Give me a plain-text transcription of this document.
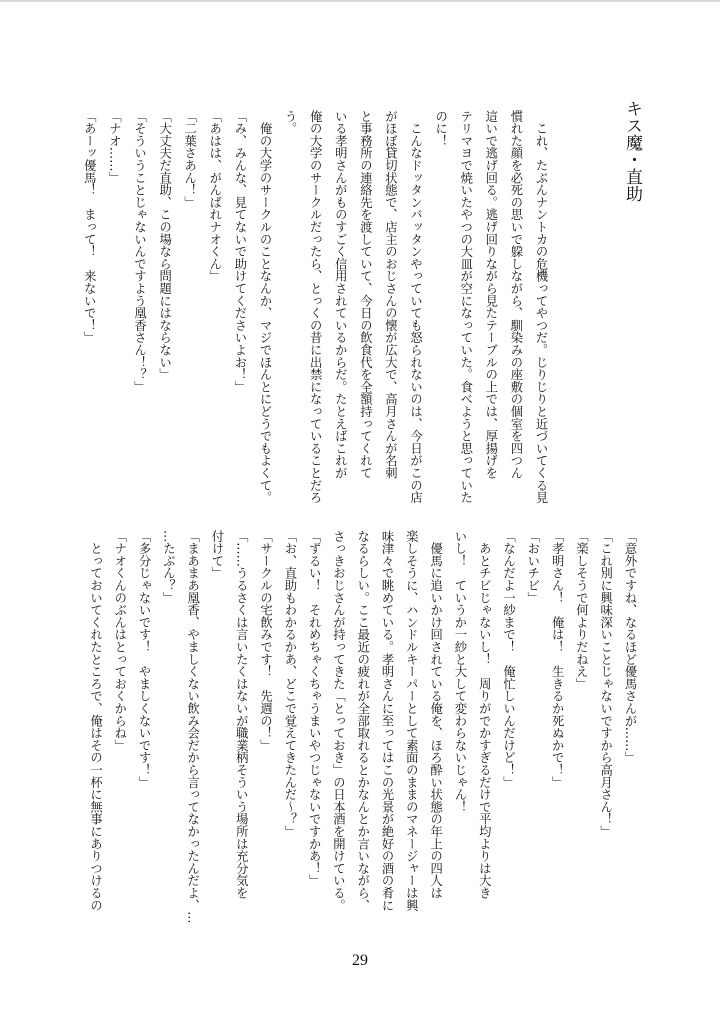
キス魔・直助
　これ、たぶんナントカの危機ってやつだ。じりじりと近づいてくる見
慣れた顔を必死の思いで躱しながら、馴染みの座敷の個室を四つん
這いで逃げ回る。逃げ回りながら見たテーブルの上では、厚揚げを
テリマヨで焼いたやつの大皿が空になっていた。食べようと思っていた
のに！
　こんなドッタンバッタンやっていても怒られないのは、今日がこの店
がほぼ貸切状態で、店主のおじさんの懐が広大で、高月さんが名刺
と事務所の連絡先を渡していて、今日の飲食代を全額持ってくれて
いる孝明さんがものすごく信用されているからだ。たとえばこれが
俺の大学のサークルだったら、とっくの昔に出禁になっていることだろ
う。
　俺の大学のサークルのことなんか、マジでほんとにどうでもよくて。
「み、みんな、見てないで助けてくださいよお！」
「あはは、がんばれナオくん」
「二葉さあん！」
「大丈夫だ直助、この場なら問題にはならない」
「そういうことじゃないんですよう凰香さん！？」
「ナオ……」
「あーッ優馬！　まって！　来ないで！」
「意外ですね、なるほど優馬さんが……」
「これ別に興味深いことじゃないですから高月さん！」
「楽しそうで何よりだねえ」
「孝明さん！　俺は！　生きるか死ぬかで！」
「おいチビ」
「なんだよ一紗まで！　俺忙しいんだけど！」
　あとチビじゃないし！　周りがでかすぎるだけで平均よりは大き
いし！　ていうか一紗と大して変わらないじゃん！
　優馬に追いかけ回されている俺を、ほろ酔い状態の年上の四人は
楽しそうに、ハンドルキーパーとして素面のままのマネージャーは興
味津々で眺めている。孝明さんに至ってはこの光景が絶好の酒の肴に
なるらしい。ここ最近の疲れが全部取れるとかなんとか言いながら、
さっきおじさんが持ってきた「とっておき」の日本酒を開けている。
「ずるい！　それめちゃくちゃうまいやつじゃないですかあ！」
「お、直助もわかるかあ、どこで覚えてきたんだ～？」
「サークルの宅飲みです！　先週の！」
「……うるさくは言いたくはないが職業柄そういう場所は充分気を
付けて」
「まあまあ凰香、やましくない飲み会だから言ってなかったんだよ、…
…たぶん？」
「多分じゃないです！　やましくないです！」
「ナオくんのぶんはとっておくからね」
　とっておいてくれたところで、俺はその一杯に無事にありつけるの
29
